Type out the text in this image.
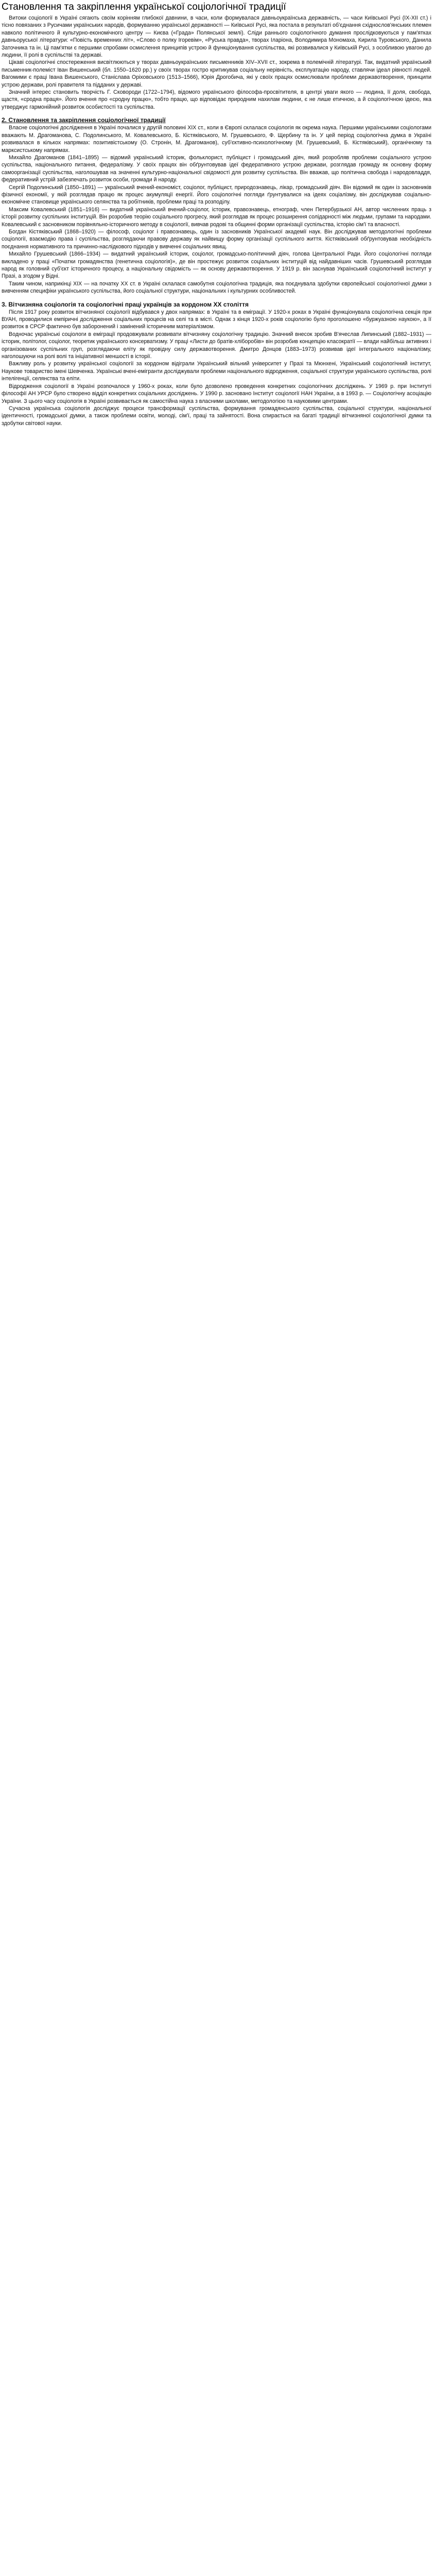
Становлення та закріплення української соціологічної традиції

Витоки соціології в Україні сягають своїм корінням глибокої давнини, в часи, коли формувалася давньоукраїнська державність, — часи Київської Русі (ІХ-XII ст.) і тісно повязаних з Русичами українських народів, формуванню української державності — Київської Русі, яка постала в результаті об'єднання східнослов'янських племен навколо політичного й культурно-економічного центру — Києва («Града» Полянської землі). Сліди раннього соціологічного думання прослідковуються у пам'ятках давньоруської літератури: «Повість временних літ», «Слово о полку Ігоревім», «Руська правда», творах Іларіона, Володимира Мономаха, Кирила Туровського, Данила Заточника та ін. Ці пам'ятки є першими спробами осмислення принципів устрою й функціонування суспільства, які розвивалися у Київській Русі, з особливою увагою до людини, її ролі в суспільстві та державі.

Цікаві соціологічні спостереження висвітлюються у творах давньоукраїнських письменників XIV–XVII ст., зокрема в полемічній літературі. Так, видатний український письменник-полеміст Іван Вишенський (бл. 1550–1620 рр.) у своїх творах гостро критикував соціальну нерівність, експлуатацію народу, ставлячи ідеал рівності людей. Вагомими є праці Івана Вишенського, Станіслава Оріховського (1513–1566), Юрія Дрогобича, які у своїх працях осмислювали проблеми державотворення, принципи устрою держави, ролі правителя та підданих у державі.

Значний інтерес становить творчість Г. Сковороди (1722–1794), відомого українського філософа-просвітителя, в центрі уваги якого — людина, її доля, свобода, щастя, «сродна праця». Його вчення про «сродну працю», тобто працю, що відповідає природним нахилам людини, є не лише етичною, а й соціологічною ідеєю, яка утверджує гармонійний розвиток особистості та суспільства.

2. Становлення та закріплення соціологічної традиції

Власне соціологічні дослідження в Україні почалися у другій половині XIX ст., коли в Європі склалася соціологія як окрема наука. Першими українськими соціологами вважають М. Драгоманова, С. Подолинського, М. Ковалевського, Б. Кістяківського, М. Грушевського, Ф. Щербину та ін. У цей період соціологічна думка в Україні розвивалася в кількох напрямах: позитивістському (О. Стронін, М. Драгоманов), суб'єктивно-психологічному (М. Грушевський, Б. Кістяківський), органічному та марксистському напрямах.

Михайло Драгоманов (1841–1895) — відомий український історик, фольклорист, публіцист і громадський діяч, який розробляв проблеми соціального устрою суспільства, національного питання, федералізму. У своїх працях він обґрунтовував ідеї федеративного устрою держави, розглядав громаду як основну форму самоорганізації суспільства, наголошував на значенні культурно-національної свідомості для розвитку суспільства. Він вважав, що політична свобода і народовладдя, федеративний устрій забезпечать розвиток особи, громади й народу.

Сергій Подолинський (1850–1891) — український вчений-економіст, соціолог, публіцист, природознавець, лікар, громадський діяч. Він відомий як один із засновників фізичної економії, у якій розглядав працю як процес акумуляції енергії. Його соціологічні погляди ґрунтувалися на ідеях соціалізму, він досліджував соціально-економічне становище українського селянства та робітників, проблеми праці та розподілу.

Максим Ковалевський (1851–1916) — видатний український вчений-соціолог, історик, правознавець, етнограф, член Петербурзької АН, автор численних праць з історії розвитку суспільних інституцій. Він розробив теорію соціального прогресу, який розглядав як процес розширення солідарності між людьми, групами та народами. Ковалевський є засновником порівняльно-історичного методу в соціології, вивчав родові та общинні форми організації суспільства, історію сім'ї та власності.

Богдан Кістяківський (1868–1920) — філософ, соціолог і правознавець, один із засновників Української академії наук. Він досліджував методологічні проблеми соціології, взаємодію права і суспільства, розглядаючи правову державу як найвищу форму організації суспільного життя. Кістяківський обґрунтовував необхідність поєднання нормативного та причинно-наслідкового підходів у вивченні соціальних явищ.

Михайло Грушевський (1866–1934) — видатний український історик, соціолог, громадсько-політичний діяч, голова Центральної Ради. Його соціологічні погляди викладено у праці «Початки громадянства (генетична соціологія)», де він простежує розвиток соціальних інституцій від найдавніших часів. Грушевський розглядав народ як головний суб'єкт історичного процесу, а національну свідомість — як основу державотворення. У 1919 р. він заснував Український соціологічний інститут у Празі, а згодом у Відні.

Таким чином, наприкінці XIX — на початку XX ст. в Україні склалася самобутня соціологічна традиція, яка поєднувала здобутки європейської соціологічної думки з вивченням специфіки українського суспільства, його соціальної структури, національних і культурних особливостей.

3. Вітчизняна соціологія та соціологічні праці українців за кордоном ХХ століття

Після 1917 року розвиток вітчизняної соціології відбувався у двох напрямах: в Україні та в еміграції. У 1920-х роках в Україні функціонувала соціологічна секція при ВУАН, проводилися емпіричні дослідження соціальних процесів на селі та в місті. Однак з кінця 1920-х років соціологію було проголошено «буржуазною наукою», а її розвиток в СРСР фактично був заборонений і замінений історичним матеріалізмом.

Водночас українські соціологи в еміграції продовжували розвивати вітчизняну соціологічну традицію. Значний внесок зробив В'ячеслав Липинський (1882–1931) — історик, політолог, соціолог, теоретик українського консерватизму. У праці «Листи до братів-хліборобів» він розробив концепцію класократії — влади найбільш активних і організованих суспільних груп, розглядаючи еліту як провідну силу державотворення. Дмитро Донцов (1883–1973) розвивав ідеї інтегрального націоналізму, наголошуючи на ролі волі та ініціативної меншості в історії.

Важливу роль у розвитку української соціології за кордоном відіграли Український вільний університет у Празі та Мюнхені, Український соціологічний інститут, Наукове товариство імені Шевченка. Українські вчені-емігранти досліджували проблеми національного відродження, соціальної структури українського суспільства, ролі інтелігенції, селянства та еліти.

Відродження соціології в Україні розпочалося у 1960-х роках, коли було дозволено проведення конкретних соціологічних досліджень. У 1969 р. при Інституті філософії АН УРСР було створено відділ конкретних соціальних досліджень. У 1990 р. засновано Інститут соціології НАН України, а в 1993 р. — Соціологічну асоціацію України. З цього часу соціологія в Україні розвивається як самостійна наука з власними школами, методологією та науковими центрами.

Сучасна українська соціологія досліджує процеси трансформації суспільства, формування громадянського суспільства, соціальної структури, національної ідентичності, громадської думки, а також проблеми освіти, молоді, сім'ї, праці та зайнятості. Вона спирається на багаті традиції вітчизняної соціологічної думки та здобутки світової науки.
